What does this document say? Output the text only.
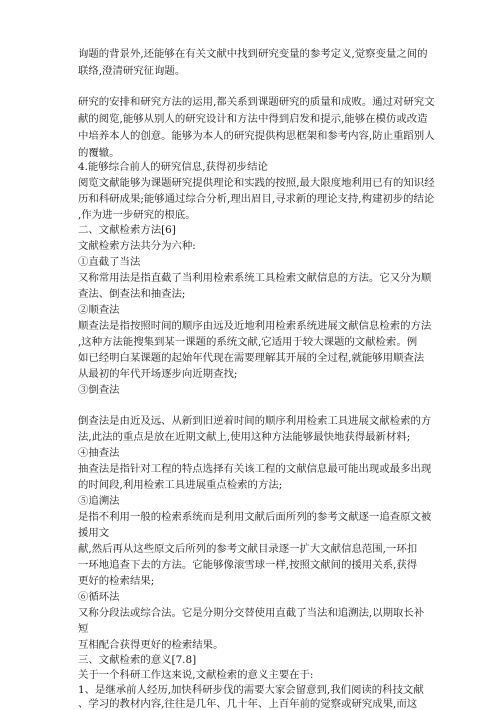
询题的背景外,还能够在有关文献中找到研究变量的参考定义,觉察变量之间的
联络,澄清研究征询题。
研究的安排和研究方法的运用,都关系到课题研究的质量和成败。通过对研究文
献的阅览,能够从别人的研究设计和方法中得到启发和提示,能够在模仿或改造
中培养本人的创意。能够为本人的研究提供构思框架和参考内容,防止重蹈别人
的覆辙。
4.能够综合前人的研究信息,获得初步结论
阅览文献能够为课题研究提供理论和实践的按照,最大限度地利用已有的知识经
历和科研成果;能够通过综合分析,理出眉目,寻求新的理论支持,构建初步的结论
,作为进一步研究的根底。
二、文献检索方法[6]
文献检索方法共分为六种:
①直截了当法
又称常用法是指直截了当利用检索系统工具检索文献信息的方法。它又分为顺
查法、倒查法和抽查法;
②顺查法
顺查法是指按照时间的顺序由远及近地利用检索系统进展文献信息检索的方法
,这种方法能搜集到某一课题的系统文献,它适用于较大课题的文献检索。例
如已经明白某课题的起始年代现在需要理解其开展的全过程,就能够用顺查法
从最初的年代开场逐步向近期查找;
③倒查法
倒查法是由近及远、从新到旧逆着时间的顺序利用检索工具进展文献检索的方
法,此法的重点是放在近期文献上,使用这种方法能够最快地获得最新材料;
④抽查法
抽查法是指针对工程的特点选择有关该工程的文献信息最可能出现或最多出现
的时间段,利用检索工具进展重点检索的方法;
⑤追溯法
是指不利用一般的检索系统而是利用文献后面所列的参考文献逐一追查原文被
援用文
献,然后再从这些原文后所列的参考文献目录逐一扩大文献信息范围,一环扣
一环地追查下去的方法。它能够像滚雪球一样,按照文献间的援用关系,获得
更好的检索结果;
⑥循环法
又称分段法或综合法。它是分期分交替使用直截了当法和追溯法,以期取长补
短
互相配合获得更好的检索结果。
三、文献检索的意义[7.8]
关于一个科研工作这来说,文献检索的意义主要在于:
1、是继承前人经历,加快科研步伐的需要大家会留意到,我们阅读的科技文献
、学习的教材内容,往往是几年、几十年、上百年前的觉察或研究成果,而这
